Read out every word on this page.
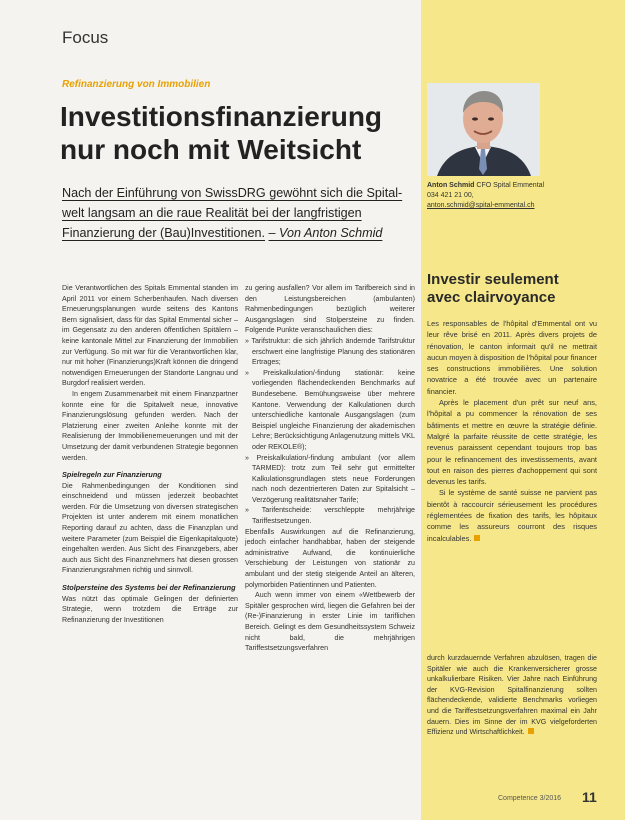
Focus
Refinanzierung von Immobilien
Investitionsfinanzierung
nur noch mit Weitsicht
Anton Schmid CFO Spital Emmental
034 421 21 00,
anton.schmid@spital-emmental.ch
Nach der Einführung von SwissDRG gewöhnt sich die Spital-
welt langsam an die raue Realität bei der langfristigen
Finanzierung der (Bau)Investitionen. – Von Anton Schmid

Die Verantwortlichen des Spitals Emmental standen im April 2011 vor einem Scherbenhaufen. Nach diversen Erneuerungsplanungen wurde seitens des Kantons Bern signalisiert, dass für das Spital Emmental sicher – im Gegensatz zu den anderen öffentlichen Spitälern – keine kantonale Mittel zur Finanzierung der Immobilien zur Verfügung. So mit war für die Verantwortlichen klar, nur mit hoher (Finanzierungs)Kraft können die dringend notwendigen Erneuerungen der Standorte Langnau und Burgdorf realisiert werden.

In engem Zusammenarbeit mit einem Finanzpartner konnte eine für die Spitalwelt neue, innovative Finanzierungslösung gefunden werden. Nach der Platzierung einer zweiten Anleihe konnte mit der Realisierung der Immobilienerneuerungen und mit der Umsetzung der damit verbundenen Strategie begonnen werden.

Spielregeln zur Finanzierung

Die Rahmenbedingungen der Konditionen sind einschneidend und müssen jederzeit beobachtet werden. Für die Umsetzung von diversen strategischen Projekten ist unter anderem mit einem monatlichen Reporting darauf zu achten, dass die Finanzplan und weitere Parameter (zum Beispiel die Eigenkapitalquote) eingehalten werden. Aus Sicht des Finanzgebers, aber auch aus Sicht des Finanznehmers hat diesen grossen Finanzierungsrahmen richtig und sinnvoll.

Stolpersteine des Systems bei der Refinanzierung

Was nützt das optimale Gelingen der definierten Strategie, wenn trotzdem die Erträge zur Refinanzierung der Investitionen

zu gering ausfallen? Vor allem im Tarifbereich sind in den Leistungsbereichen (ambulanten) Rahmenbedingungen bezüglich weiterer Ausgangslagen sind Stolpersteine zu finden. Folgende Punkte veranschaulichen dies:

» Tarifstruktur: die sich jährlich ändernde Tarifstruktur erschwert eine langfristige Planung des stationären Ertrages;
» Preiskalkulation/-findung stationär: keine vorliegenden flächendeckenden Benchmarks auf Bundesebene. Bemühungsweise über mehrere Kantone. Verwendung der Kalkulationen durch unterschiedliche kantonale Ausgangslagen (zum Beispiel ungleiche Finanzierung der akademischen Lehre; Berücksichtigung Anlagenutzung mittels VKL oder REKOLE®);
» Preiskalkulation/-findung ambulant (vor allem TARMED): trotz zum Teil sehr gut ermittelter Kalkulationsgrundlagen stets neue Forderungen nach noch dezentrierteren Daten zur Spitalsicht – Verzögerung realitätsnaher Tarife;
» Tarifentscheide: verschleppte mehrjährige Tariffestsetzungen.

Ebenfalls Auswirkungen auf die Refinanzierung, jedoch einfacher handhabbar, haben der steigende administrative Aufwand, die kontinuierliche Verschiebung der Leistungen von stationär zu ambulant und der stetig steigende Anteil an älteren, polymorbiden Patientinnen und Patienten.

Auch wenn immer von einem «Wettbewerb der Spitäler gesprochen wird, liegen die Gefahren bei der (Re-)Finanzierung in erster Linie im tariflichen Bereich. Gelingt es dem Gesundheitssystem Schweiz nicht bald, die mehrjährigen Tariffestsetzungsverfahren

durch kurzdauernde Verfahren abzulösen, tragen die Spitäler wie auch die Krankenversicherer grosse unkalkulierbare Risiken. Vier Jahre nach Einführung der KVG-Revision Spitalfinanzierung sollten flächendeckende, validierte Benchmarks vorliegen und die Tariffestsetzungsverfahren maximal ein Jahr dauern. Dies im Sinne der im KVG vielgeforderten Effizienz und Wirtschaftlichkeit.

Investir seulement
avec clairvoyance

Les responsables de l'hôpital d'Emmental ont vu leur rêve brisé en 2011. Après divers projets de rénovation, le canton informait qu'il ne mettrait aucun moyen à disposition de l'hôpital pour financer ses constructions immobilières. Une solution novatrice a été trouvée avec un partenaire financier.

Après le placement d'un prêt sur neuf ans, l'hôpital a pu commencer la rénovation de ses bâtiments et mettre en œuvre la stratégie définie. Malgré la parfaite réussite de cette stratégie, les revenus paraissent cependant toujours trop bas pour le refinancement des investissements, avant tout en raison des pierres d'achoppement qui sont devenus les tarifs.

Si le système de santé suisse ne parvient pas bientôt à raccourcir sérieusement les procédures réglementées de fixation des tarifs, les hôpitaux comme les assureurs courront des risques incalculables.

Competence 3/2016 11
